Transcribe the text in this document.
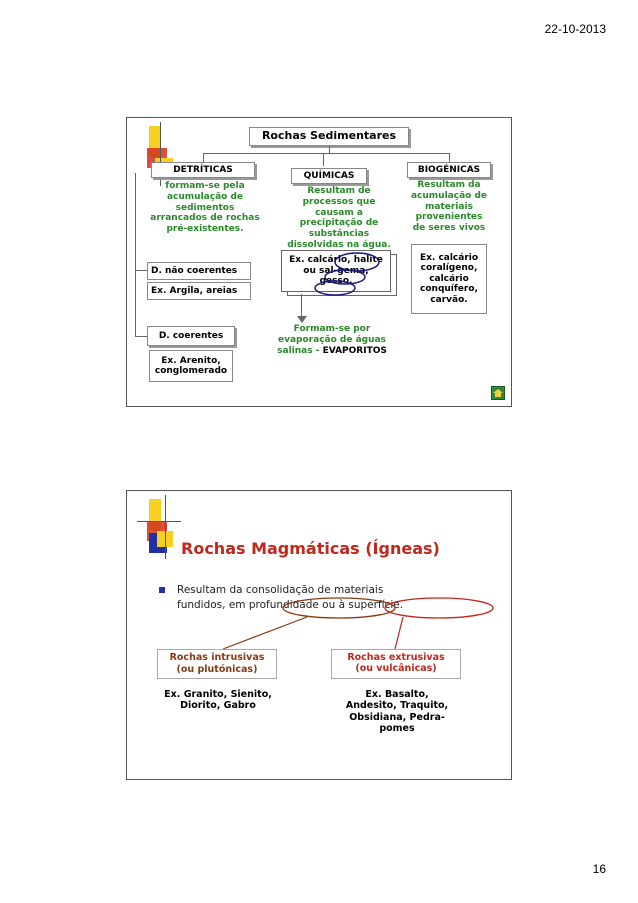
22-10-2013
Rochas Sedimentares
DETRÍTICAS
formam-se pela
acumulação de
sedimentos
arrancados de rochas
pré-existentes.
D. não coerentes
Ex. Argila, areias
D. coerentes
Ex. Arenito,
conglomerado
QUÍMICAS
Resultam de
processos que
causam a
precipitação de
substâncias
dissolvidas na água.
Ex. calcário, halite
ou sal-gema,
gesso,
Formam-se por
evaporação de águas
salinas - EVAPORITOS
BIOGÉNICAS
Resultam da
acumulação de
materiais
provenientes
de seres vivos
Ex. calcário
coralígeno,
calcário
conquífero,
carvão.
Rochas Magmáticas (Ígneas)
Resultam da consolidação de materiais
fundidos, em profundidade ou à superfície.
Rochas intrusivas
(ou plutónicas)
Rochas extrusivas
(ou vulcânicas)
Ex. Granito, Sienito,
Diorito, Gabro
Ex. Basalto,
Andesito, Traquito,
Obsidiana, Pedra-
pomes
16
